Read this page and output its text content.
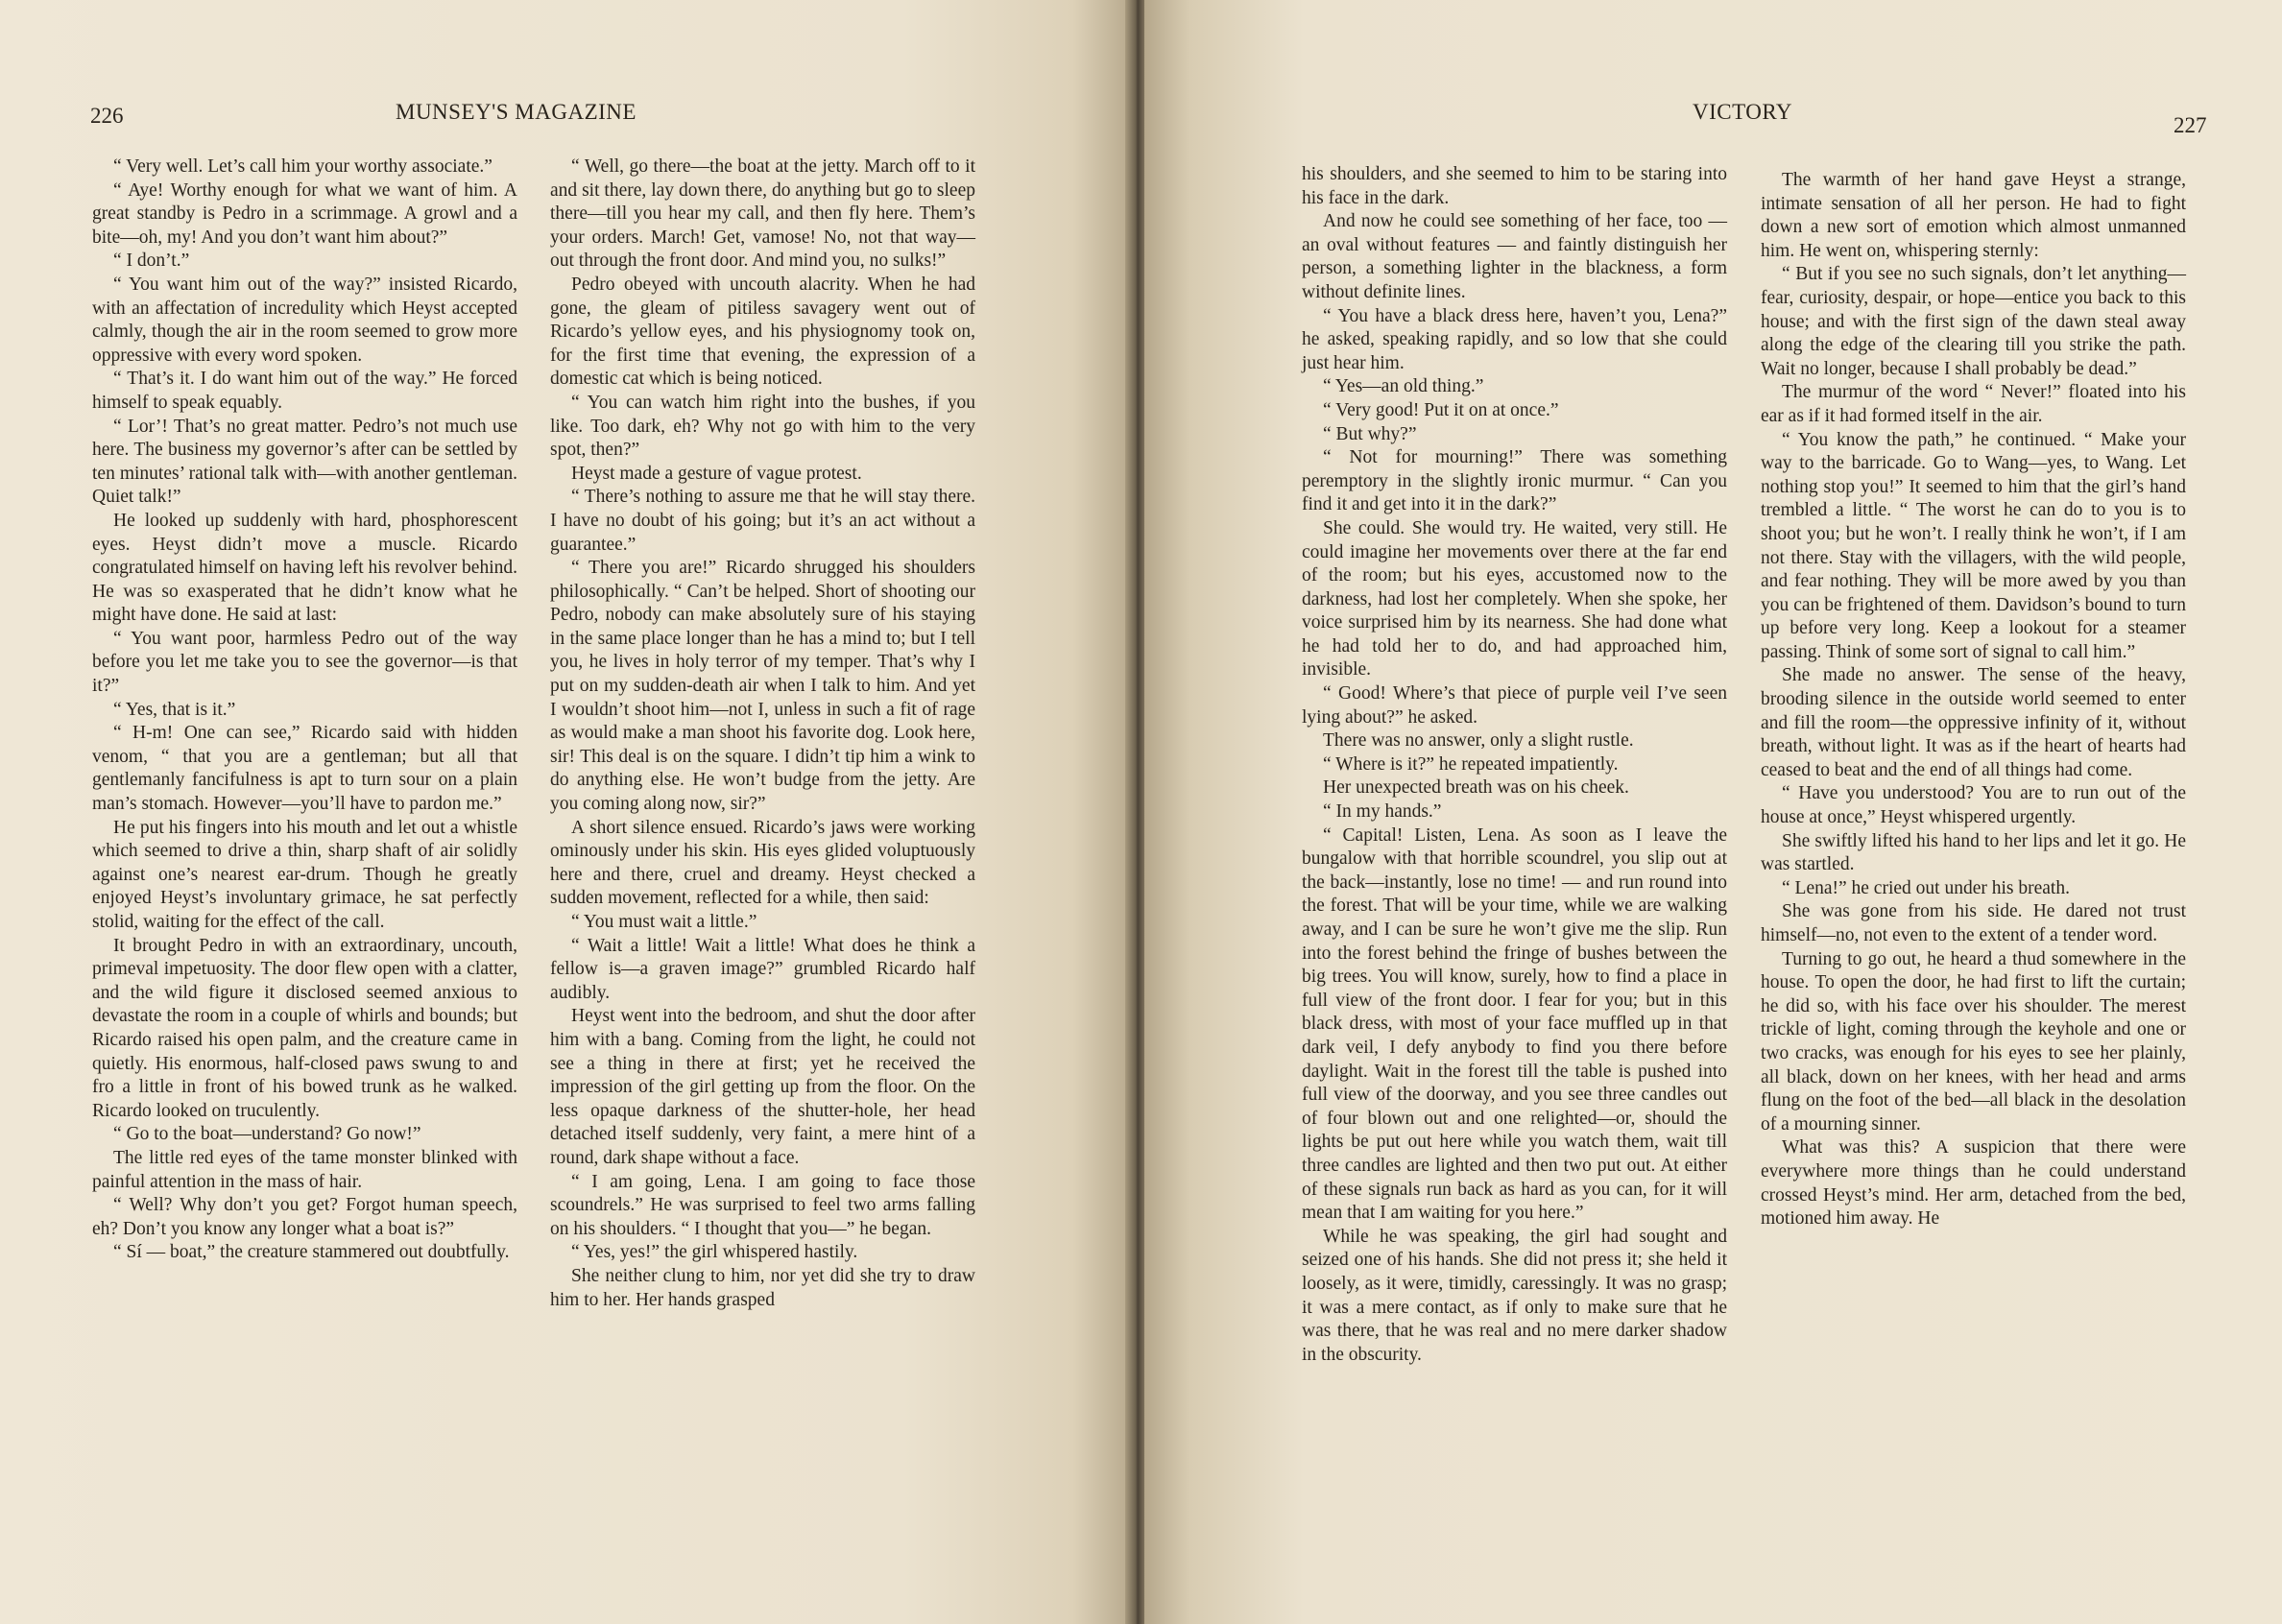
226	MUNSEY'S MAGAZINE

“ Very well. Let’s call him your worthy associate.”

“ Aye! Worthy enough for what we want of him. A great standby is Pedro in a scrimmage. A growl and a bite—oh, my! And you don’t want him about?”

“ I don’t.”

“ You want him out of the way?” insisted Ricardo, with an affectation of incredulity which Heyst accepted calmly, though the air in the room seemed to grow more oppressive with every word spoken.

“ That’s it. I do want him out of the way.” He forced himself to speak equably.

“ Lor’! That’s no great matter. Pedro’s not much use here. The business my governor’s after can be settled by ten minutes’ rational talk with—with another gentleman. Quiet talk!”

He looked up suddenly with hard, phosphorescent eyes. Heyst didn’t move a muscle. Ricardo congratulated himself on having left his revolver behind. He was so exasperated that he didn’t know what he might have done. He said at last:

“ You want poor, harmless Pedro out of the way before you let me take you to see the governor—is that it?”

“ Yes, that is it.”

“ H-m! One can see,” Ricardo said with hidden venom, “ that you are a gentleman; but all that gentlemanly fancifulness is apt to turn sour on a plain man’s stomach. However—you’ll have to pardon me.”

He put his fingers into his mouth and let out a whistle which seemed to drive a thin, sharp shaft of air solidly against one’s nearest ear-drum. Though he greatly enjoyed Heyst’s involuntary grimace, he sat perfectly stolid, waiting for the effect of the call.

It brought Pedro in with an extraordinary, uncouth, primeval impetuosity. The door flew open with a clatter, and the wild figure it disclosed seemed anxious to devastate the room in a couple of whirls and bounds; but Ricardo raised his open palm, and the creature came in quietly. His enormous, half-closed paws swung to and fro a little in front of his bowed trunk as he walked. Ricardo looked on truculently.

“ Go to the boat—understand? Go now!”

The little red eyes of the tame monster blinked with painful attention in the mass of hair.

“ Well? Why don’t you get? Forgot human speech, eh? Don’t you know any longer what a boat is?”

“ Sí — boat,” the creature stammered out doubtfully.

“ Well, go there—the boat at the jetty. March off to it and sit there, lay down there, do anything but go to sleep there—till you hear my call, and then fly here. Them’s your orders. March! Get, vamose! No, not that way—out through the front door. And mind you, no sulks!”

Pedro obeyed with uncouth alacrity. When he had gone, the gleam of pitiless savagery went out of Ricardo’s yellow eyes, and his physiognomy took on, for the first time that evening, the expression of a domestic cat which is being noticed.

“ You can watch him right into the bushes, if you like. Too dark, eh? Why not go with him to the very spot, then?”

Heyst made a gesture of vague protest.

“ There’s nothing to assure me that he will stay there. I have no doubt of his going; but it’s an act without a guarantee.”

“ There you are!” Ricardo shrugged his shoulders philosophically. “ Can’t be helped. Short of shooting our Pedro, nobody can make absolutely sure of his staying in the same place longer than he has a mind to; but I tell you, he lives in holy terror of my temper. That’s why I put on my sudden-death air when I talk to him. And yet I wouldn’t shoot him—not I, unless in such a fit of rage as would make a man shoot his favorite dog. Look here, sir! This deal is on the square. I didn’t tip him a wink to do anything else. He won’t budge from the jetty. Are you coming along now, sir?”

A short silence ensued. Ricardo’s jaws were working ominously under his skin. His eyes glided voluptuously here and there, cruel and dreamy. Heyst checked a sudden movement, reflected for a while, then said:

“ You must wait a little.”

“ Wait a little! Wait a little! What does he think a fellow is—a graven image?” grumbled Ricardo half audibly.

Heyst went into the bedroom, and shut the door after him with a bang. Coming from the light, he could not see a thing in there at first; yet he received the impression of the girl getting up from the floor. On the less opaque darkness of the shutter-hole, her head detached itself suddenly, very faint, a mere hint of a round, dark shape without a face.

“ I am going, Lena. I am going to face those scoundrels.” He was surprised to feel two arms falling on his shoulders. “ I thought that you—” he began.

“ Yes, yes!” the girl whispered hastily.

She neither clung to him, nor yet did she try to draw him to her. Her hands grasped

VICTORY
227

his shoulders, and she seemed to him to be staring into his face in the dark.

And now he could see something of her face, too — an oval without features — and faintly distinguish her person, a something lighter in the blackness, a form without definite lines.

“ You have a black dress here, haven’t you, Lena?” he asked, speaking rapidly, and so low that she could just hear him.

“ Yes—an old thing.”

“ Very good! Put it on at once.”

“ But why?”

“ Not for mourning!” There was something peremptory in the slightly ironic murmur. “ Can you find it and get into it in the dark?”

She could. She would try. He waited, very still. He could imagine her movements over there at the far end of the room; but his eyes, accustomed now to the darkness, had lost her completely. When she spoke, her voice surprised him by its nearness. She had done what he had told her to do, and had approached him, invisible.

“ Good! Where’s that piece of purple veil I’ve seen lying about?” he asked.

There was no answer, only a slight rustle.

“ Where is it?” he repeated impatiently.

Her unexpected breath was on his cheek.

“ In my hands.”

“ Capital! Listen, Lena. As soon as I leave the bungalow with that horrible scoundrel, you slip out at the back—instantly, lose no time! — and run round into the forest. That will be your time, while we are walking away, and I can be sure he won’t give me the slip. Run into the forest behind the fringe of bushes between the big trees. You will know, surely, how to find a place in full view of the front door. I fear for you; but in this black dress, with most of your face muffled up in that dark veil, I defy anybody to find you there before daylight. Wait in the forest till the table is pushed into full view of the doorway, and you see three candles out of four blown out and one relighted—or, should the lights be put out here while you watch them, wait till three candles are lighted and then two put out. At either of these signals run back as hard as you can, for it will mean that I am waiting for you here.”

While he was speaking, the girl had sought and seized one of his hands. She did not press it; she held it loosely, as it were, timidly, caressingly. It was no grasp; it was a mere contact, as if only to make sure that he was there, that he was real and no mere darker shadow in the obscurity.

The warmth of her hand gave Heyst a strange, intimate sensation of all her person. He had to fight down a new sort of emotion which almost unmanned him. He went on, whispering sternly:

“ But if you see no such signals, don’t let anything—fear, curiosity, despair, or hope—entice you back to this house; and with the first sign of the dawn steal away along the edge of the clearing till you strike the path. Wait no longer, because I shall probably be dead.”

The murmur of the word “ Never!” floated into his ear as if it had formed itself in the air.

“ You know the path,” he continued. “ Make your way to the barricade. Go to Wang—yes, to Wang. Let nothing stop you!” It seemed to him that the girl’s hand trembled a little. “ The worst he can do to you is to shoot you; but he won’t. I really think he won’t, if I am not there. Stay with the villagers, with the wild people, and fear nothing. They will be more awed by you than you can be frightened of them. Davidson’s bound to turn up before very long. Keep a lookout for a steamer passing. Think of some sort of signal to call him.”

She made no answer. The sense of the heavy, brooding silence in the outside world seemed to enter and fill the room—the oppressive infinity of it, without breath, without light. It was as if the heart of hearts had ceased to beat and the end of all things had come.

“ Have you understood? You are to run out of the house at once,” Heyst whispered urgently.

She swiftly lifted his hand to her lips and let it go. He was startled.

“ Lena!” he cried out under his breath.

She was gone from his side. He dared not trust himself—no, not even to the extent of a tender word.

Turning to go out, he heard a thud somewhere in the house. To open the door, he had first to lift the curtain; he did so, with his face over his shoulder. The merest trickle of light, coming through the keyhole and one or two cracks, was enough for his eyes to see her plainly, all black, down on her knees, with her head and arms flung on the foot of the bed—all black in the desolation of a mourning sinner.

What was this? A suspicion that there were everywhere more things than he could understand crossed Heyst’s mind. Her arm, detached from the bed, motioned him away. He
